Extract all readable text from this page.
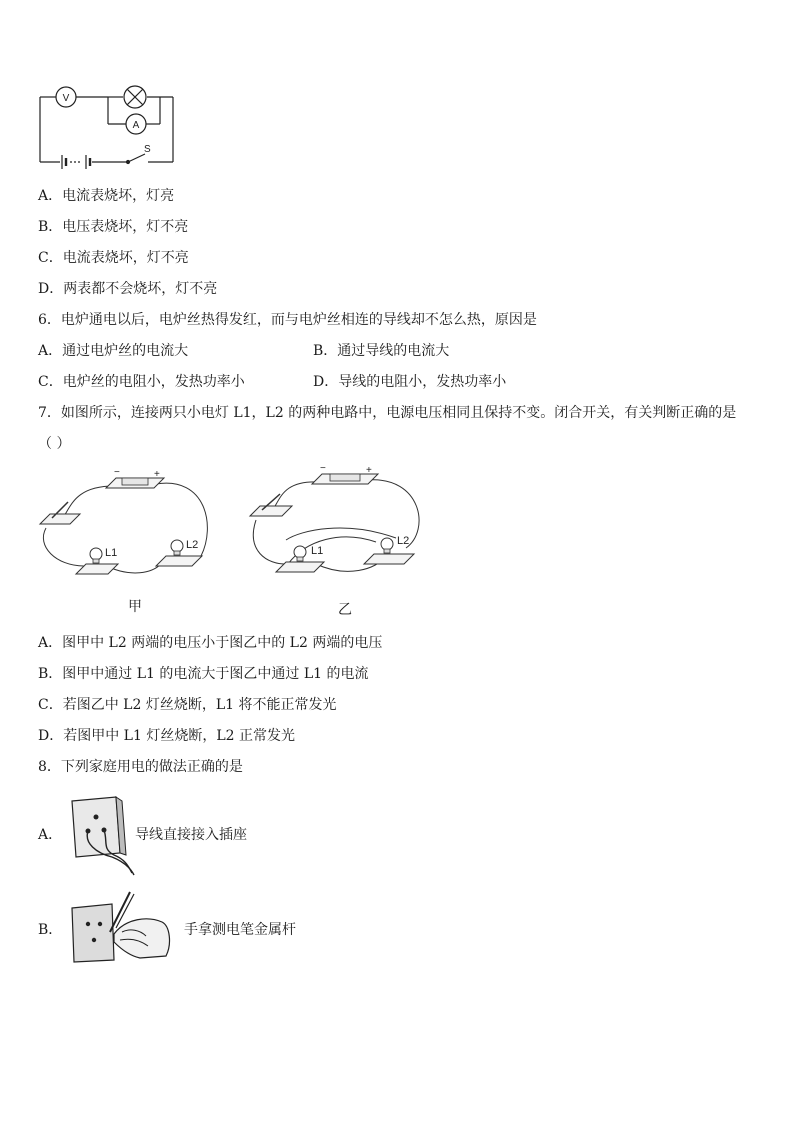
V
A
S
A．电流表烧坏，灯亮
B．电压表烧坏，灯不亮
C．电流表烧坏，灯不亮
D．两表都不会烧坏，灯不亮
6．电炉通电以后，电炉丝热得发红，而与电炉丝相连的导线却不怎么热，原因是
A．通过电炉丝的电流大	B．通过导线的电流大
C．电炉丝的电阻小，发热功率小	D．导线的电阻小，发热功率小
7．如图所示，连接两只小电灯 L1，L2 的两种电路中，电源电压相同且保持不变。闭合开关，有关判断正确的是
（ ）
−	+
L1
L2
甲
−	+
L1
L2
乙
A．图甲中 L2 两端的电压小于图乙中的 L2 两端的电压
B．图甲中通过 L1 的电流大于图乙中通过 L1 的电流
C．若图乙中 L2 灯丝烧断，L1 将不能正常发光
D．若图甲中 L1 灯丝烧断，L2 正常发光
8．下列家庭用电的做法正确的是
A．	导线直接接入插座
B．	手拿测电笔金属杆
